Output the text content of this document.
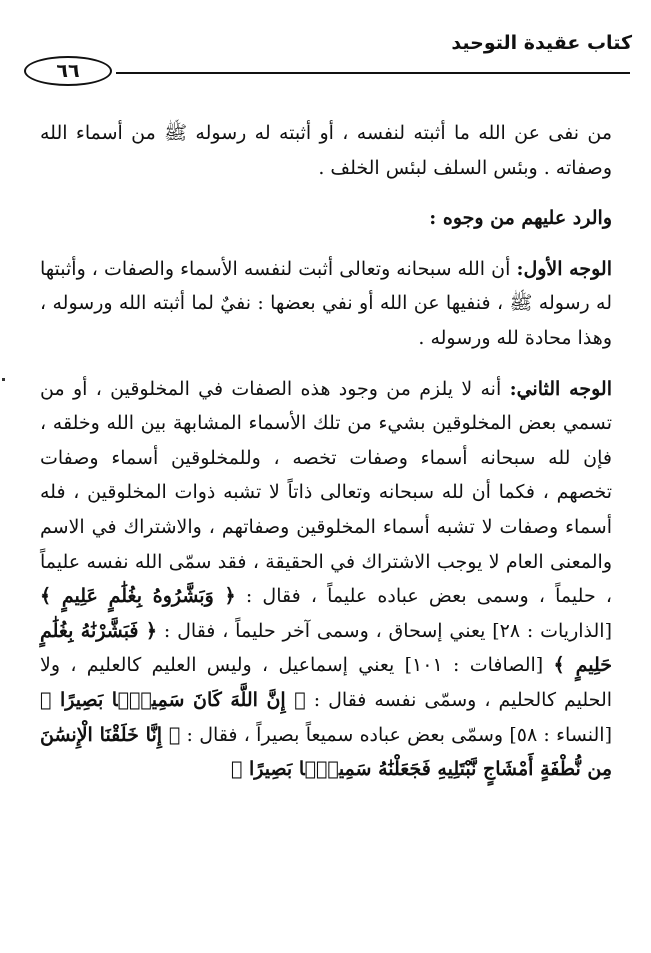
كتاب عقيدة التوحيد
٦٦

من نفى عن الله ما أثبته لنفسه ، أو أثبته له رسوله ﷺ من أسماء الله وصفاته . وبئس السلف لبئس الخلف .

والرد عليهم من وجوه :

الوجه الأول: أن الله سبحانه وتعالى أثبت لنفسه الأسماء والصفات ، وأثبتها له رسوله ﷺ ، فنفيها عن الله أو نفي بعضها : نفيٌ لما أثبته الله ورسوله ، وهذا محادة لله ورسوله .

الوجه الثاني: أنه لا يلزم من وجود هذه الصفات في المخلوقين ، أو من تسمي بعض المخلوقين بشيء من تلك الأسماء المشابهة بين الله وخلقه ، فإن لله سبحانه أسماء وصفات تخصه ، وللمخلوقين أسماء وصفات تخصهم ، فكما أن لله سبحانه وتعالى ذاتاً لا تشبه ذوات المخلوقين ، فله أسماء وصفات لا تشبه أسماء المخلوقين وصفاتهم ، والاشتراك في الاسم والمعنى العام لا يوجب الاشتراك في الحقيقة ، فقد سمّى الله نفسه عليماً ، حليماً ، وسمى بعض عباده عليماً ، فقال : ﴿ وَبَشَّرُوهُ بِغُلَٰمٍ عَلِيمٍ ﴾ [الذاريات : ٢٨] يعني إسحاق ، وسمى آخر حليماً ، فقال : ﴿ فَبَشَّرْنَٰهُ بِغُلَٰمٍ حَلِيمٍ ﴾ [الصافات : ١٠١] يعني إسماعيل ، وليس العليم كالعليم ، ولا الحليم كالحليم ، وسمّى نفسه فقال : ﴿ إِنَّ اللَّهَ كَانَ سَمِيعًۢا بَصِيرًا ﴾ [النساء : ٥٨] وسمّى بعض عباده سميعاً بصيراً ، فقال : ﴿ إِنَّا خَلَقْنَا الْإِنسَٰنَ مِن نُّطْفَةٍ أَمْشَاجٍ نَّبْتَلِيهِ فَجَعَلْنَٰهُ سَمِيعًۢا بَصِيرًا ﴾
